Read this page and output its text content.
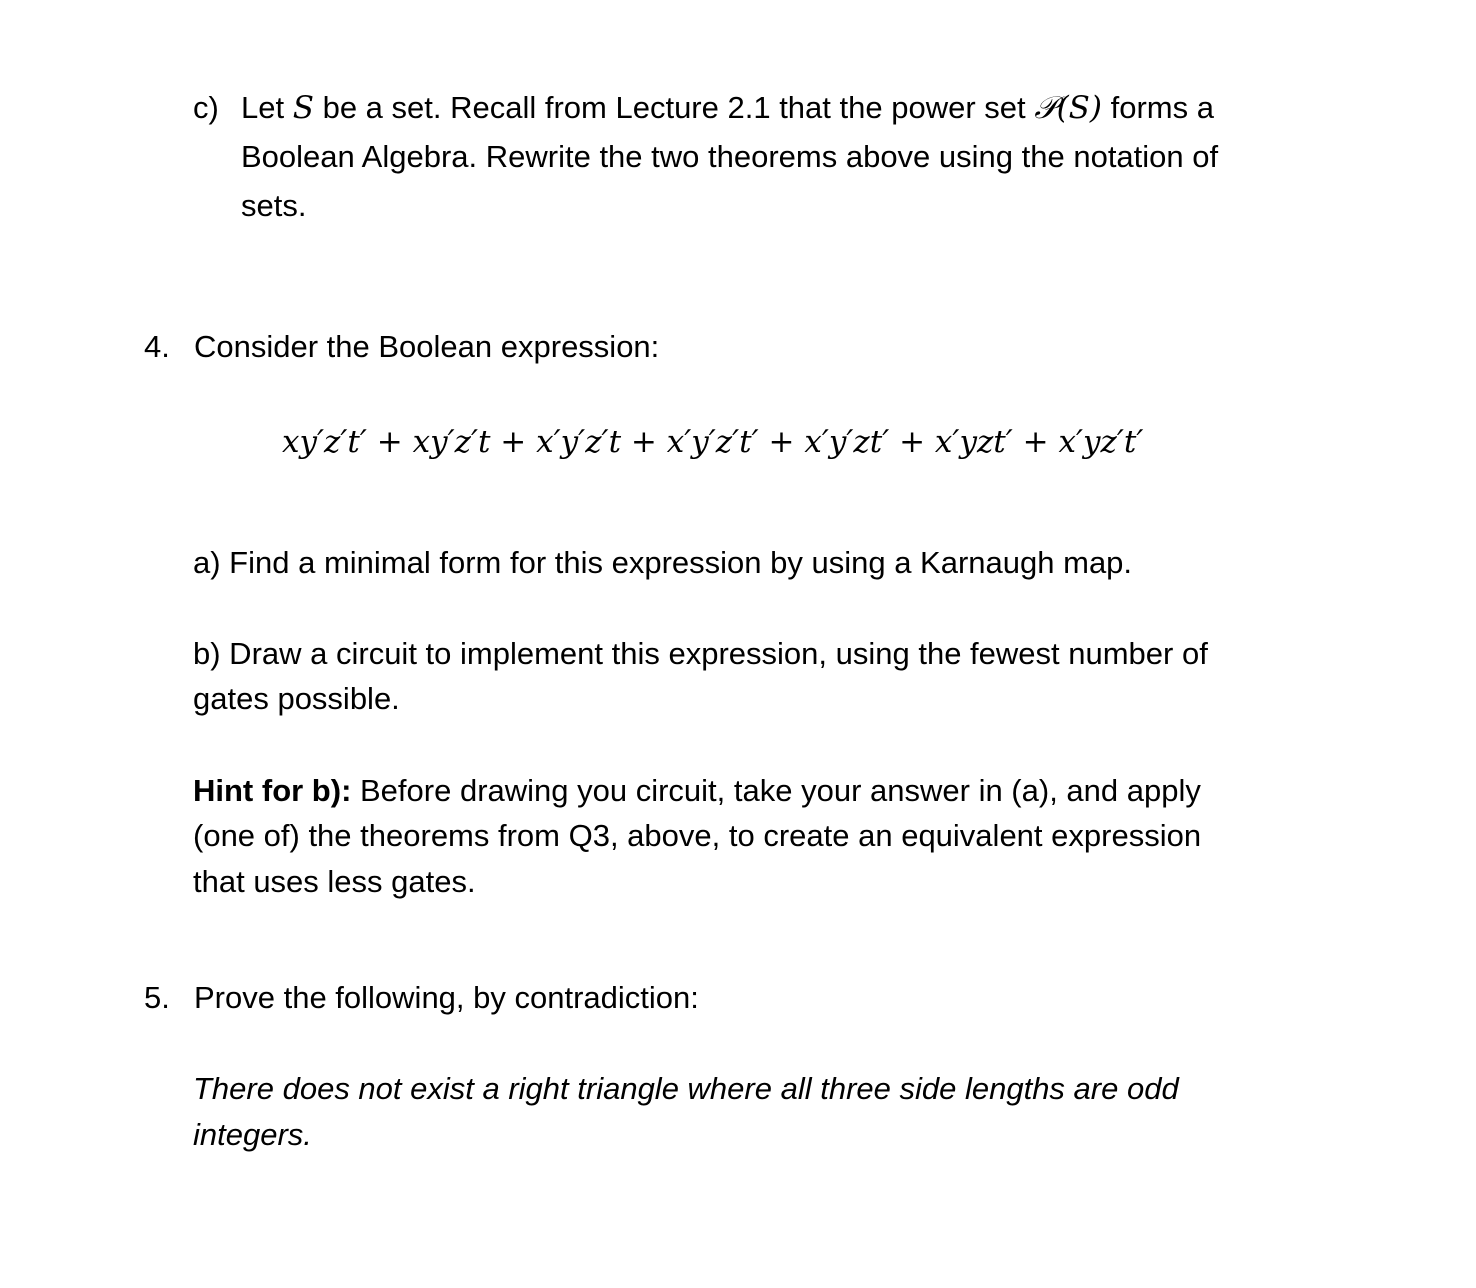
c) Let S be a set. Recall from Lecture 2.1 that the power set 𝒫(S) forms a
Boolean Algebra. Rewrite the two theorems above using the notation of
sets.
4. Consider the Boolean expression:
xy′z′t′ + xy′z′t + x′y′z′t + x′y′z′t′ + x′y′zt′ + x′yzt′ + x′yz′t′
a) Find a minimal form for this expression by using a Karnaugh map.
b) Draw a circuit to implement this expression, using the fewest number of
gates possible.
Hint for b): Before drawing you circuit, take your answer in (a), and apply
(one of) the theorems from Q3, above, to create an equivalent expression
that uses less gates.
5. Prove the following, by contradiction:
There does not exist a right triangle where all three side lengths are odd
integers.
